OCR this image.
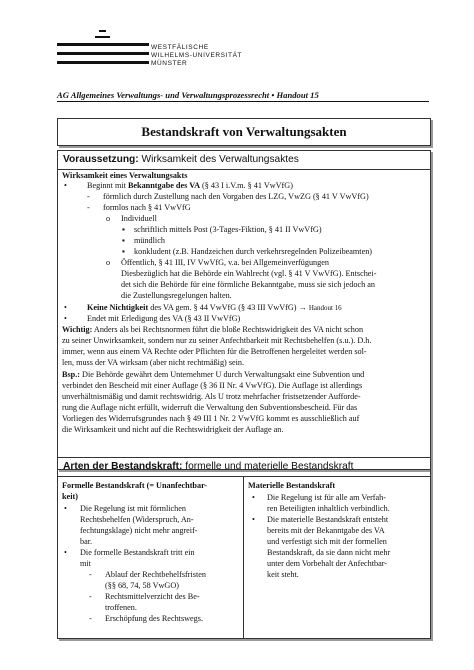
WESTFÄLISCHE
WILHELMS-UNIVERSITÄT
MÜNSTER
AG Allgemeines Verwaltungs- und Verwaltungsprozessrecht • Handout 15
Bestandskraft von Verwaltungsakten
Voraussetzung: Wirksamkeit des Verwaltungsaktes
Wirksamkeit eines Verwaltungsakts
• Beginnt mit Bekanntgabe des VA (§ 43 I i.V.m. § 41 VwVfG)
- förmlich durch Zustellung nach den Vorgaben des LZG, VwZG (§ 41 V VwVfG)
- formlos nach § 41 VwVfG
o Individuell
▪ schriftlich mittels Post (3-Tages-Fiktion, § 41 II VwVfG)
▪ mündlich
▪ konkludent (z.B. Handzeichen durch verkehrsregelnden Polizeibeamten)
o Öffentlich, § 41 III, IV VwVfG, v.a. bei Allgemeinverfügungen
Diesbezüglich hat die Behörde ein Wahlrecht (vgl. § 41 V VwVfG). Entschei-
det sich die Behörde für eine förmliche Bekanntgabe, muss sie sich jedoch an
die Zustellungsregelungen halten.
• Keine Nichtigkeit des VA gem. § 44 VwVfG (§ 43 III VwVfG) → Handout 16
• Endet mit Erledigung des VA (§ 43 II VwVfG)
Wichtig: Anders als bei Rechtsnormen führt die bloße Rechtswidrigkeit des VA nicht schon
zu seiner Unwirksamkeit, sondern nur zu seiner Anfechtbarkeit mit Rechtsbehelfen (s.u.). D.h.
immer, wenn aus einem VA Rechte oder Pflichten für die Betroffenen hergeleitet werden sol-
len, muss der VA wirksam (aber nicht rechtmäßig) sein.
Bsp.: Die Behörde gewährt dem Unternehmer U durch Verwaltungsakt eine Subvention und
verbindet den Bescheid mit einer Auflage (§ 36 II Nr. 4 VwVfG). Die Auflage ist allerdings
unverhältnismäßig und damit rechtswidrig. Als U trotz mehrfacher fristsetzender Aufforde-
rung die Auflage nicht erfüllt, widerruft die Verwaltung den Subventionsbescheid. Für das
Vorliegen des Widerrufsgrundes nach § 49 III 1 Nr. 2 VwVfG kommt es ausschließlich auf
die Wirksamkeit und nicht auf die Rechtswidrigkeit der Auflage an.
Arten der Bestandskraft: formelle und materielle Bestandskraft
Formelle Bestandskraft (= Unanfechtbar-
keit)
• Die Regelung ist mit förmlichen
Rechtsbehelfen (Widerspruch, An-
fechtungsklage) nicht mehr angreif-
bar.
• Die formelle Bestandskraft tritt ein
mit
- Ablauf der Rechtbehelfsfristen
(§§ 68, 74, 58 VwGO)
- Rechtsmittelverzicht des Be-
troffenen.
- Erschöpfung des Rechtswegs.
Materielle Bestandskraft
• Die Regelung ist für alle am Verfah-
ren Beteiligten inhaltlich verbindlich.
• Die materielle Bestandskraft entsteht
bereits mit der Bekanntgabe des VA
und verfestigt sich mit der formellen
Bestandskraft, da sie dann nicht mehr
unter dem Vorbehalt der Anfechtbar-
keit steht.
